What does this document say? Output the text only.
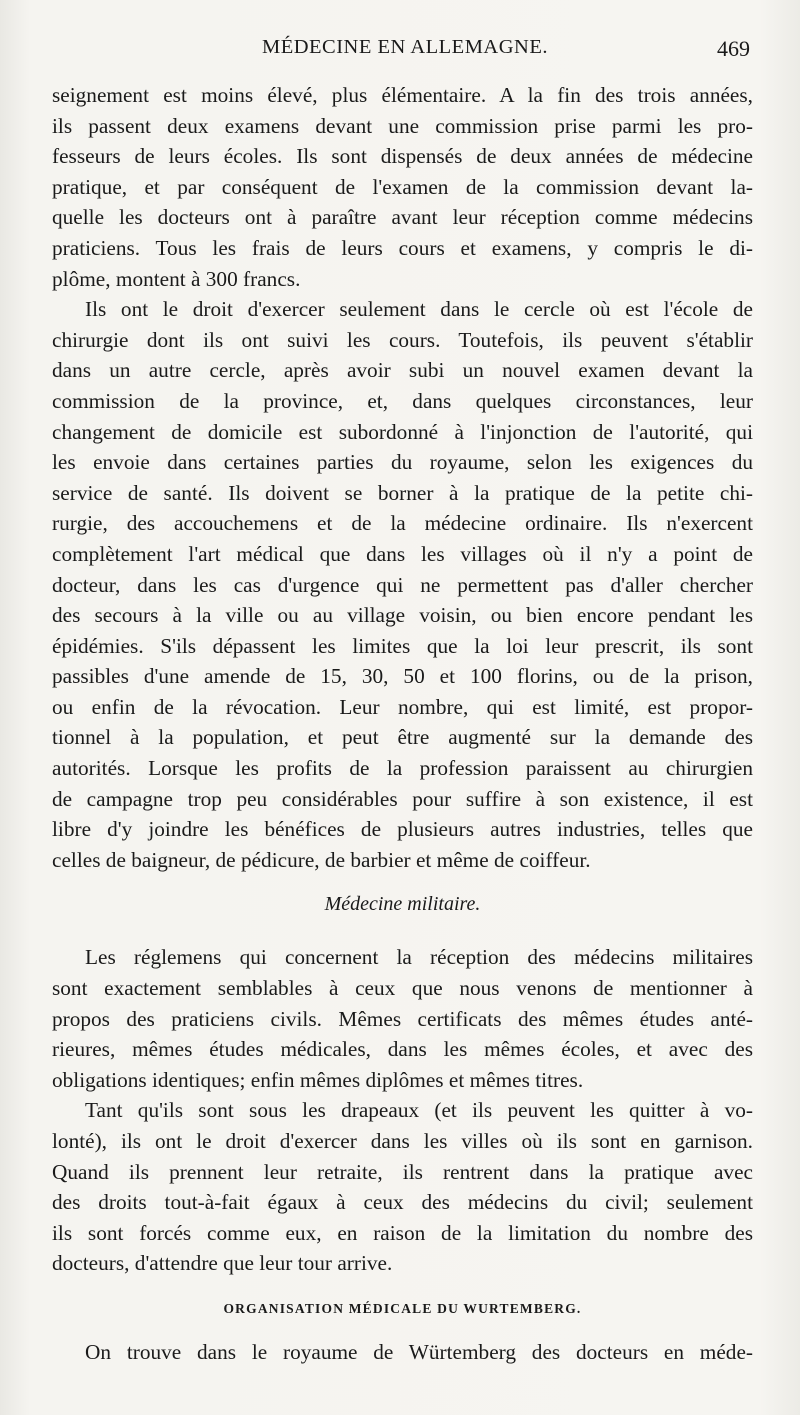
MÉDECINE EN ALLEMAGNE.	469
seignement est moins élevé, plus élémentaire. A la fin des trois années,
ils passent deux examens devant une commission prise parmi les pro-
fesseurs de leurs écoles. Ils sont dispensés de deux années de médecine
pratique, et par conséquent de l'examen de la commission devant la-
quelle les docteurs ont à paraître avant leur réception comme médecins
praticiens. Tous les frais de leurs cours et examens, y compris le di-
plôme, montent à 300 francs.
Ils ont le droit d'exercer seulement dans le cercle où est l'école de
chirurgie dont ils ont suivi les cours. Toutefois, ils peuvent s'établir
dans un autre cercle, après avoir subi un nouvel examen devant la
commission de la province, et, dans quelques circonstances, leur
changement de domicile est subordonné à l'injonction de l'autorité, qui
les envoie dans certaines parties du royaume, selon les exigences du
service de santé. Ils doivent se borner à la pratique de la petite chi-
rurgie, des accouchemens et de la médecine ordinaire. Ils n'exercent
complètement l'art médical que dans les villages où il n'y a point de
docteur, dans les cas d'urgence qui ne permettent pas d'aller chercher
des secours à la ville ou au village voisin, ou bien encore pendant les
épidémies. S'ils dépassent les limites que la loi leur prescrit, ils sont
passibles d'une amende de 15, 30, 50 et 100 florins, ou de la prison,
ou enfin de la révocation. Leur nombre, qui est limité, est propor-
tionnel à la population, et peut être augmenté sur la demande des
autorités. Lorsque les profits de la profession paraissent au chirurgien
de campagne trop peu considérables pour suffire à son existence, il est
libre d'y joindre les bénéfices de plusieurs autres industries, telles que
celles de baigneur, de pédicure, de barbier et même de coiffeur.
Médecine militaire.
Les réglemens qui concernent la réception des médecins militaires
sont exactement semblables à ceux que nous venons de mentionner à
propos des praticiens civils. Mêmes certificats des mêmes études anté-
rieures, mêmes études médicales, dans les mêmes écoles, et avec des
obligations identiques; enfin mêmes diplômes et mêmes titres.
Tant qu'ils sont sous les drapeaux (et ils peuvent les quitter à vo-
lonté), ils ont le droit d'exercer dans les villes où ils sont en garnison.
Quand ils prennent leur retraite, ils rentrent dans la pratique avec
des droits tout-à-fait égaux à ceux des médecins du civil; seulement
ils sont forcés comme eux, en raison de la limitation du nombre des
docteurs, d'attendre que leur tour arrive.
ORGANISATION MÉDICALE DU WURTEMBERG.
On trouve dans le royaume de Würtemberg des docteurs en méde-
